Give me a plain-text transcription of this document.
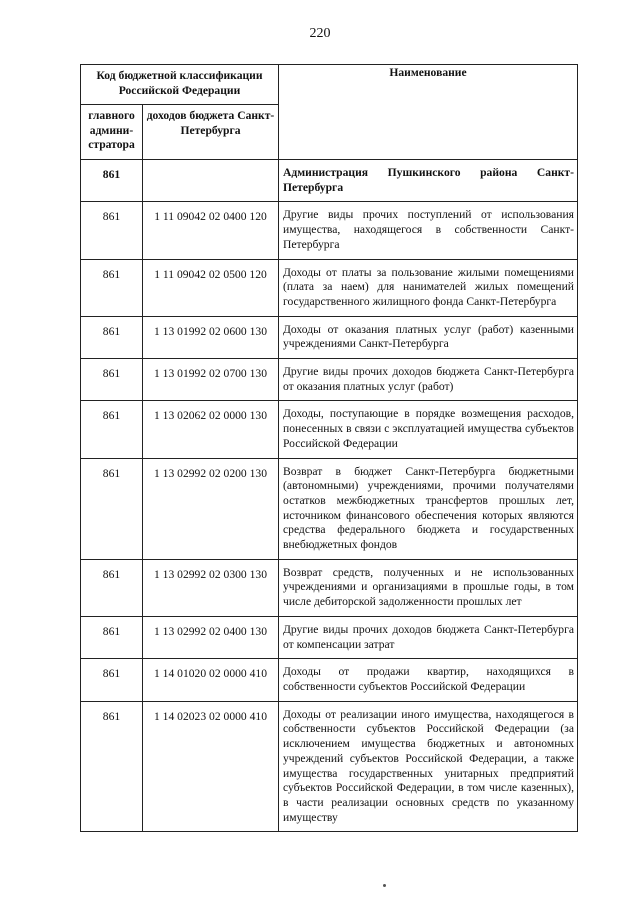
220
Код бюджетной классификации Российской Федерации		Наименование
главного админи-стратора	доходов бюджета Санкт-Петербурга	
861		Администрация Пушкинского района Санкт-Петербурга
861	1 11 09042 02 0400 120	Другие виды прочих поступлений от использования имущества, находящегося в собственности Санкт-Петербурга
861	1 11 09042 02 0500 120	Доходы от платы за пользование жилыми помещениями (плата за наем) для нанимателей жилых помещений государственного жилищного фонда Санкт-Петербурга
861	1 13 01992 02 0600 130	Доходы от оказания платных услуг (работ) казенными учреждениями Санкт-Петербурга
861	1 13 01992 02 0700 130	Другие виды прочих доходов бюджета Санкт-Петербурга от оказания платных услуг (работ)
861	1 13 02062 02 0000 130	Доходы, поступающие в порядке возмещения расходов, понесенных в связи с эксплуатацией имущества субъектов Российской Федерации
861	1 13 02992 02 0200 130	Возврат в бюджет Санкт-Петербурга бюджетными (автономными) учреждениями, прочими получателями остатков межбюджетных трансфертов прошлых лет, источником финансового обеспечения которых являются средства федерального бюджета и государственных внебюджетных фондов
861	1 13 02992 02 0300 130	Возврат средств, полученных и не использованных учреждениями и организациями в прошлые годы, в том числе дебиторской задолженности прошлых лет
861	1 13 02992 02 0400 130	Другие виды прочих доходов бюджета Санкт-Петербурга от компенсации затрат
861	1 14 01020 02 0000 410	Доходы от продажи квартир, находящихся в собственности субъектов Российской Федерации
861	1 14 02023 02 0000 410	Доходы от реализации иного имущества, находящегося в собственности субъектов Российской Федерации (за исключением имущества бюджетных и автономных учреждений субъектов Российской Федерации, а также имущества государственных унитарных предприятий субъектов Российской Федерации, в том числе казенных), в части реализации основных средств по указанному имуществу
